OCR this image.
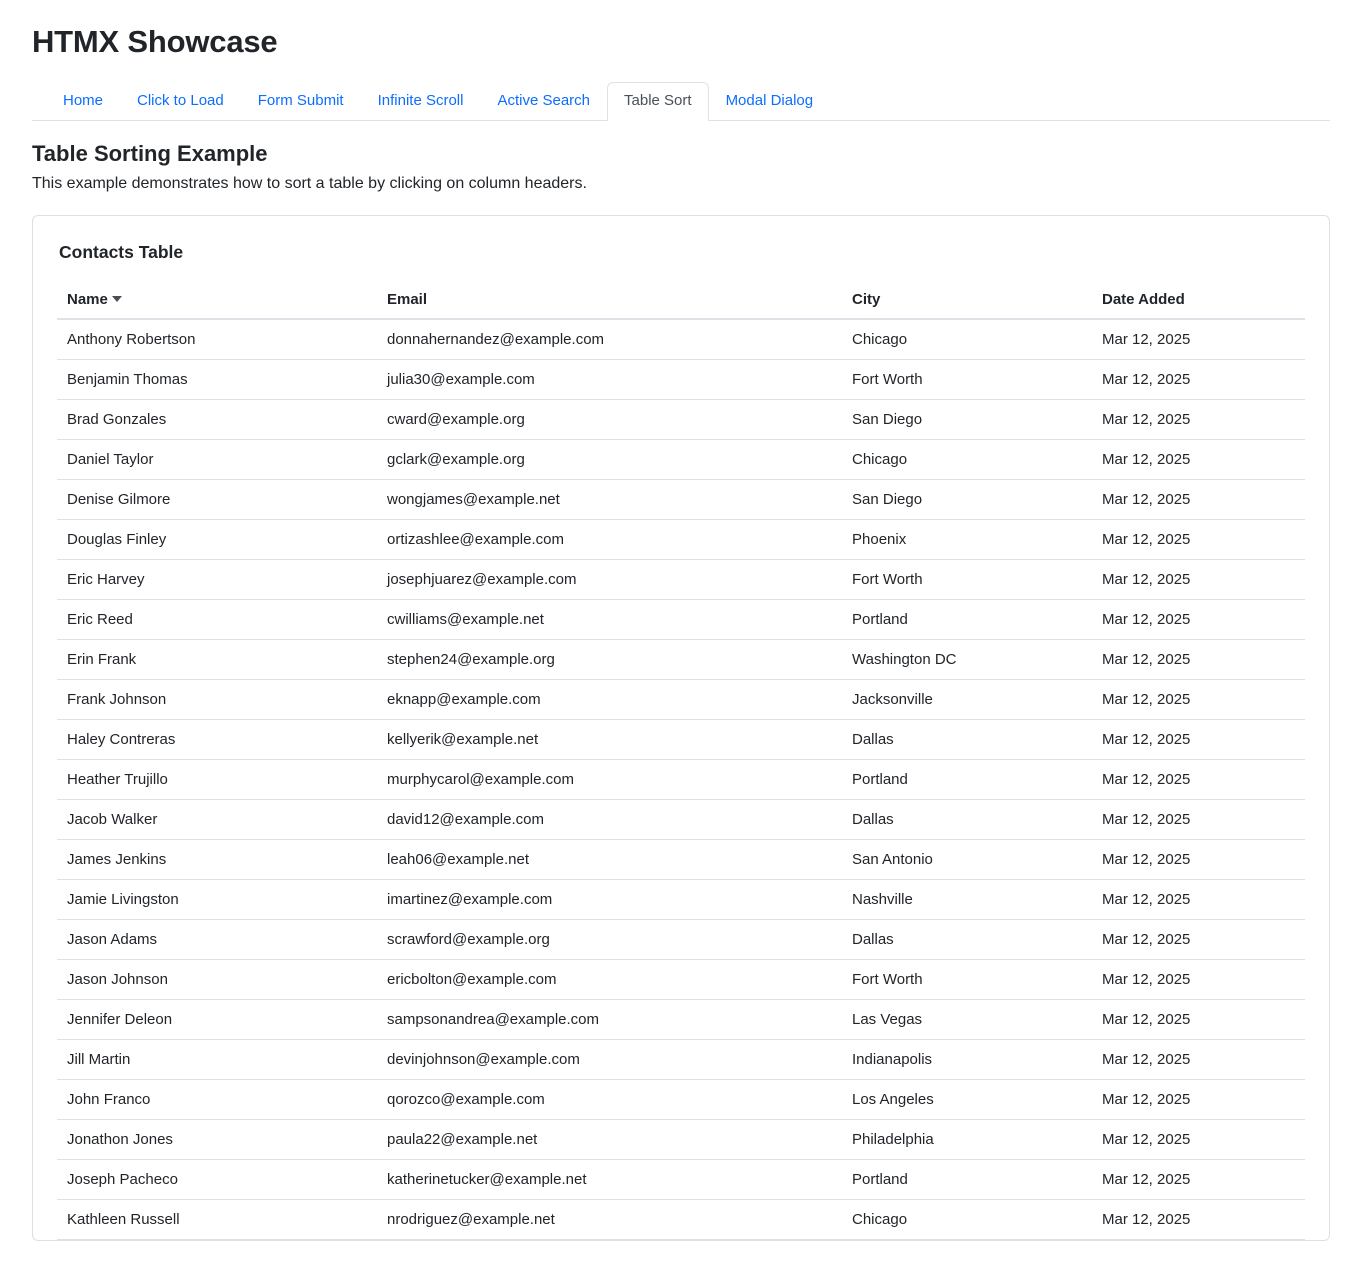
HTMX Showcase
Home	Click to Load	Form Submit	Infinite Scroll	Active Search	Table Sort	Modal Dialog
Table Sorting Example

This example demonstrates how to sort a table by clicking on column headers.

Contacts Table
Name	Email	City	Date Added
Anthony Robertson	donnahernandez@example.com	Chicago	Mar 12, 2025
Benjamin Thomas	julia30@example.com	Fort Worth	Mar 12, 2025
Brad Gonzales	cward@example.org	San Diego	Mar 12, 2025
Daniel Taylor	gclark@example.org	Chicago	Mar 12, 2025
Denise Gilmore	wongjames@example.net	San Diego	Mar 12, 2025
Douglas Finley	ortizashlee@example.com	Phoenix	Mar 12, 2025
Eric Harvey	josephjuarez@example.com	Fort Worth	Mar 12, 2025
Eric Reed	cwilliams@example.net	Portland	Mar 12, 2025
Erin Frank	stephen24@example.org	Washington DC	Mar 12, 2025
Frank Johnson	eknapp@example.com	Jacksonville	Mar 12, 2025
Haley Contreras	kellyerik@example.net	Dallas	Mar 12, 2025
Heather Trujillo	murphycarol@example.com	Portland	Mar 12, 2025
Jacob Walker	david12@example.com	Dallas	Mar 12, 2025
James Jenkins	leah06@example.net	San Antonio	Mar 12, 2025
Jamie Livingston	imartinez@example.com	Nashville	Mar 12, 2025
Jason Adams	scrawford@example.org	Dallas	Mar 12, 2025
Jason Johnson	ericbolton@example.com	Fort Worth	Mar 12, 2025
Jennifer Deleon	sampsonandrea@example.com	Las Vegas	Mar 12, 2025
Jill Martin	devinjohnson@example.com	Indianapolis	Mar 12, 2025
John Franco	qorozco@example.com	Los Angeles	Mar 12, 2025
Jonathon Jones	paula22@example.net	Philadelphia	Mar 12, 2025
Joseph Pacheco	katherinetucker@example.net	Portland	Mar 12, 2025
Kathleen Russell	nrodriguez@example.net	Chicago	Mar 12, 2025
